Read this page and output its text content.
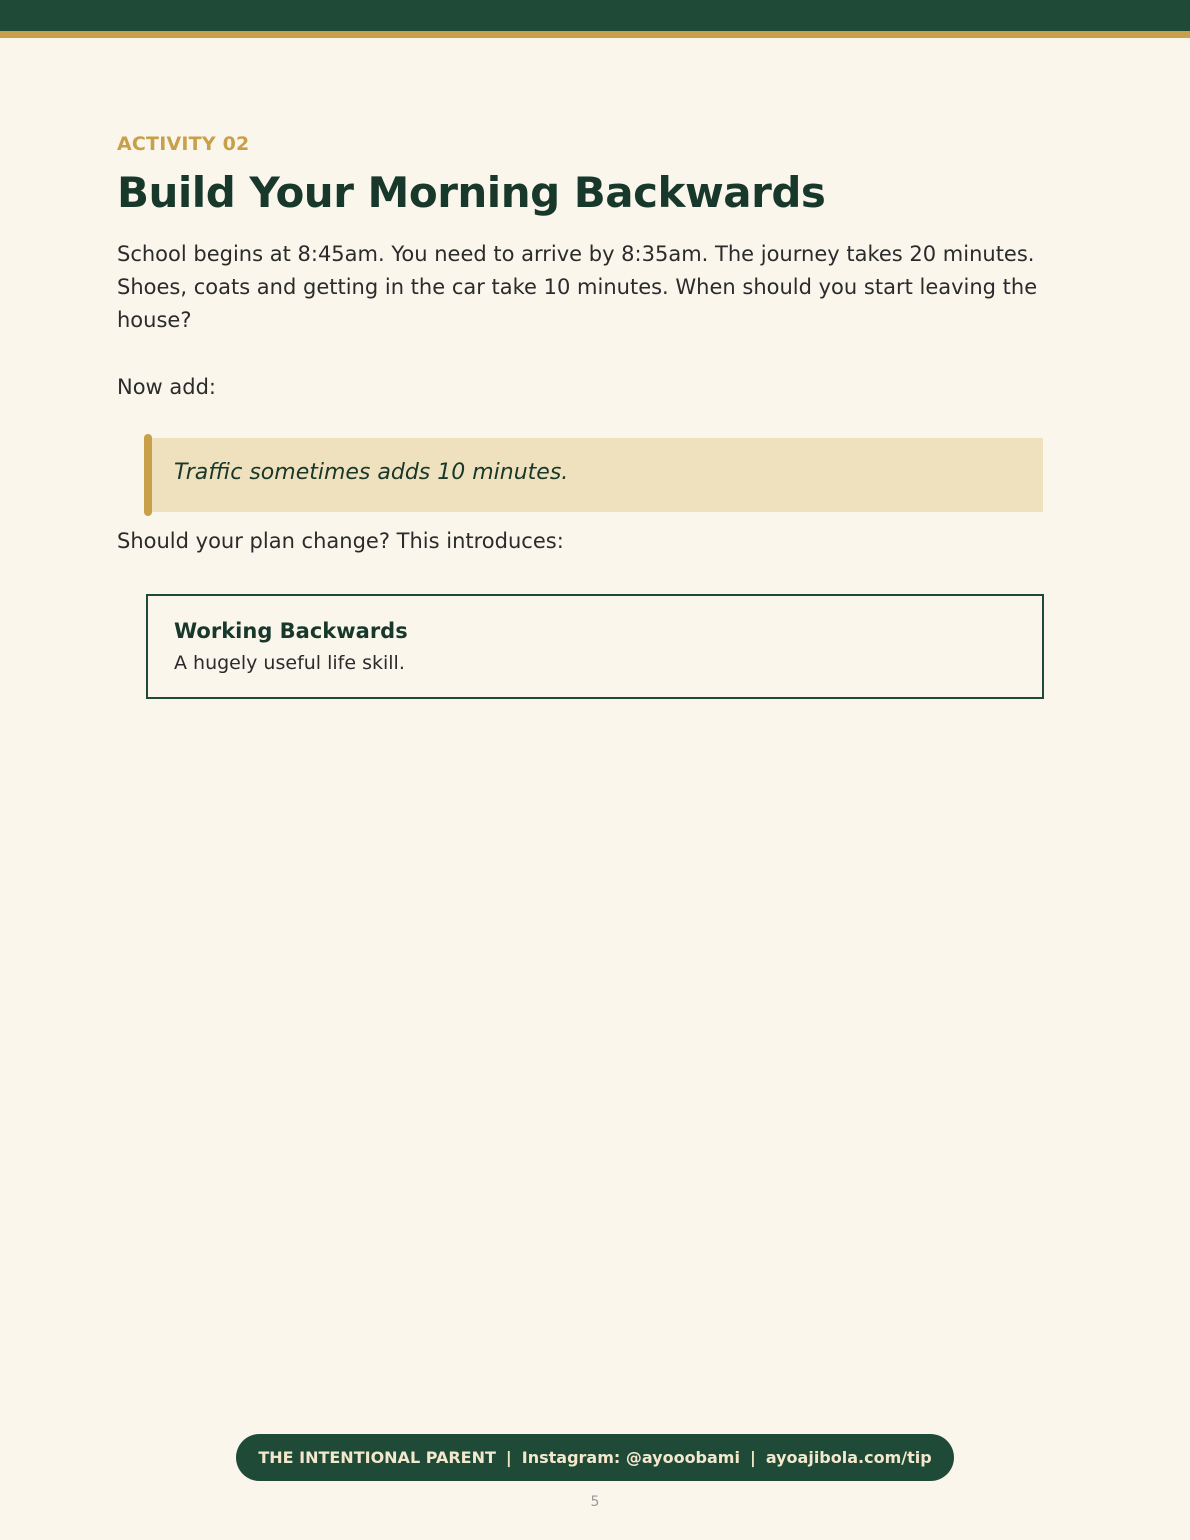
ACTIVITY 02

Build Your Morning Backwards

School begins at 8:45am. You need to arrive by 8:35am. The journey takes 20 minutes. Shoes, coats and getting in the car take 10 minutes. When should you start leaving the house?

Now add:

Traffic sometimes adds 10 minutes.

Should your plan change? This introduces:

Working Backwards
A hugely useful life skill.
THE INTENTIONAL PARENT | Instagram: @ayooobami | ayoajibola.com/tip
5
